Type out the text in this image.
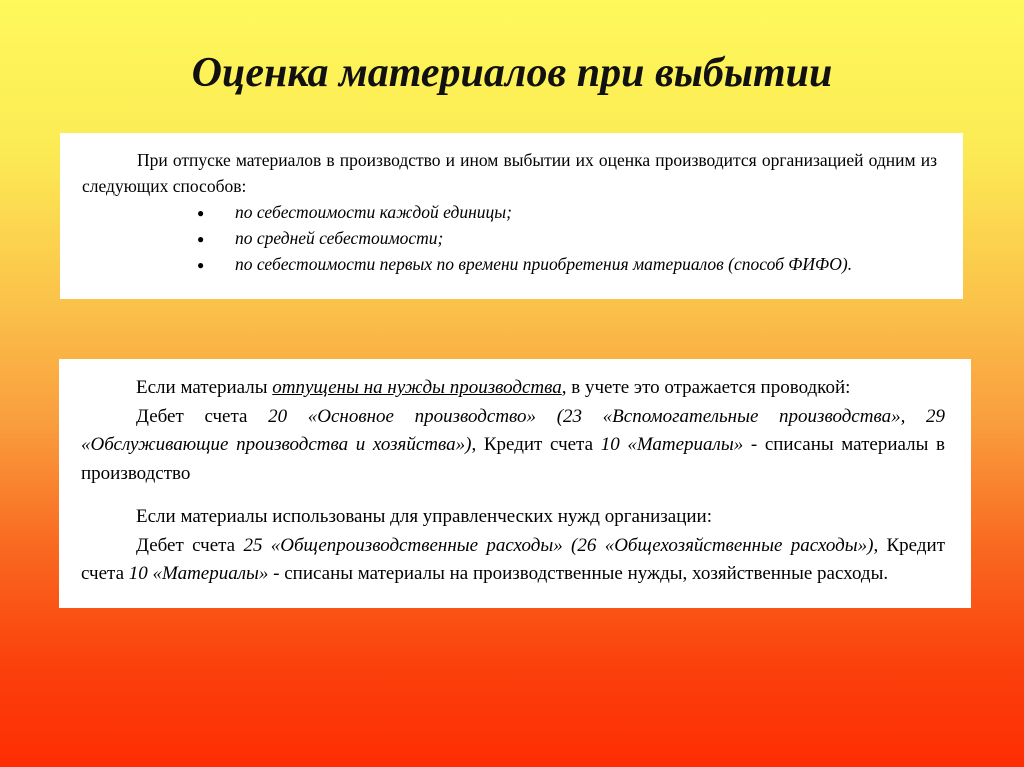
Оценка материалов при выбытии

При отпуске материалов в производство и ином выбытии их оценка производится организацией одним из следующих способов:

● по себестоимости каждой единицы;
● по средней себестоимости;
● по себестоимости первых по времени приобретения материалов (способ ФИФО).

Если материалы отпущены на нужды производства, в учете это отражается проводкой:

Дебет счета 20 «Основное производство» (23 «Вспомогательные производства», 29 «Обслуживающие производства и хозяйства»), Кредит счета 10 «Материалы» - списаны материалы в производство

Если материалы использованы для управленческих нужд организации:

Дебет счета 25 «Общепроизводственные расходы» (26 «Общехозяйственные расходы»), Кредит счета 10 «Материалы» - списаны материалы на производственные нужды, хозяйственные расходы.
